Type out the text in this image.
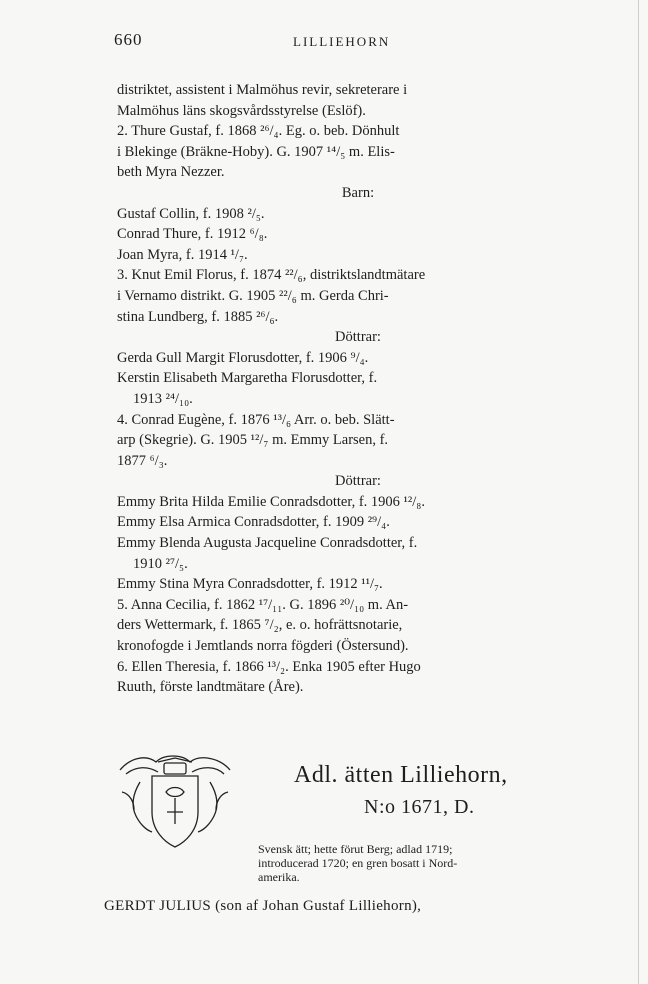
660	LILLIEHORN
distriktet, assistent i Malmöhus revir, sekreterare i
Malmöhus läns skogsvårdsstyrelse (Eslöf).
2. Thure Gustaf, f. 1868 ²⁶/₄. Eg. o. beb. Dönhult
i Blekinge (Bräkne-Hoby). G. 1907 ¹⁴/₅ m. Elis-
beth Myra Nezzer.
Barn:
Gustaf Collin, f. 1908 ²/₅.
Conrad Thure, f. 1912 ⁶/₈.
Joan Myra, f. 1914 ¹/₇.
3. Knut Emil Florus, f. 1874 ²²/₆, distriktslandtmätare
i Vernamo distrikt. G. 1905 ²²/₆ m. Gerda Chri-
stina Lundberg, f. 1885 ²⁶/₆.
Döttrar:
Gerda Gull Margit Florusdotter, f. 1906 ⁹/₄.
Kerstin Elisabeth Margaretha Florusdotter, f.
1913 ²⁴/₁₀.
4. Conrad Eugène, f. 1876 ¹³/₆ Arr. o. beb. Slätt-
arp (Skegrie). G. 1905 ¹²/₇ m. Emmy Larsen, f.
1877 ⁶/₃.
Döttrar:
Emmy Brita Hilda Emilie Conradsdotter, f. 1906 ¹²/₈.
Emmy Elsa Armica Conradsdotter, f. 1909 ²⁹/₄.
Emmy Blenda Augusta Jacqueline Conradsdotter, f.
1910 ²⁷/₅.
Emmy Stina Myra Conradsdotter, f. 1912 ¹¹/₇.
5. Anna Cecilia, f. 1862 ¹⁷/₁₁. G. 1896 ²⁰/₁₀ m. An-
ders Wettermark, f. 1865 ⁷/₂, e. o. hofrättsnotarie,
kronofogde i Jemtlands norra fögderi (Östersund).
6. Ellen Theresia, f. 1866 ¹³/₂. Enka 1905 efter Hugo
Ruuth, förste landtmätare (Åre).
Adl. ätten Lilliehorn,
N:o 1671, D.
Svensk ätt; hette förut Berg; adlad 1719;
introducerad 1720; en gren bosatt i Nord-
amerika.
GERDT JULIUS (son af Johan Gustaf Lilliehorn),
